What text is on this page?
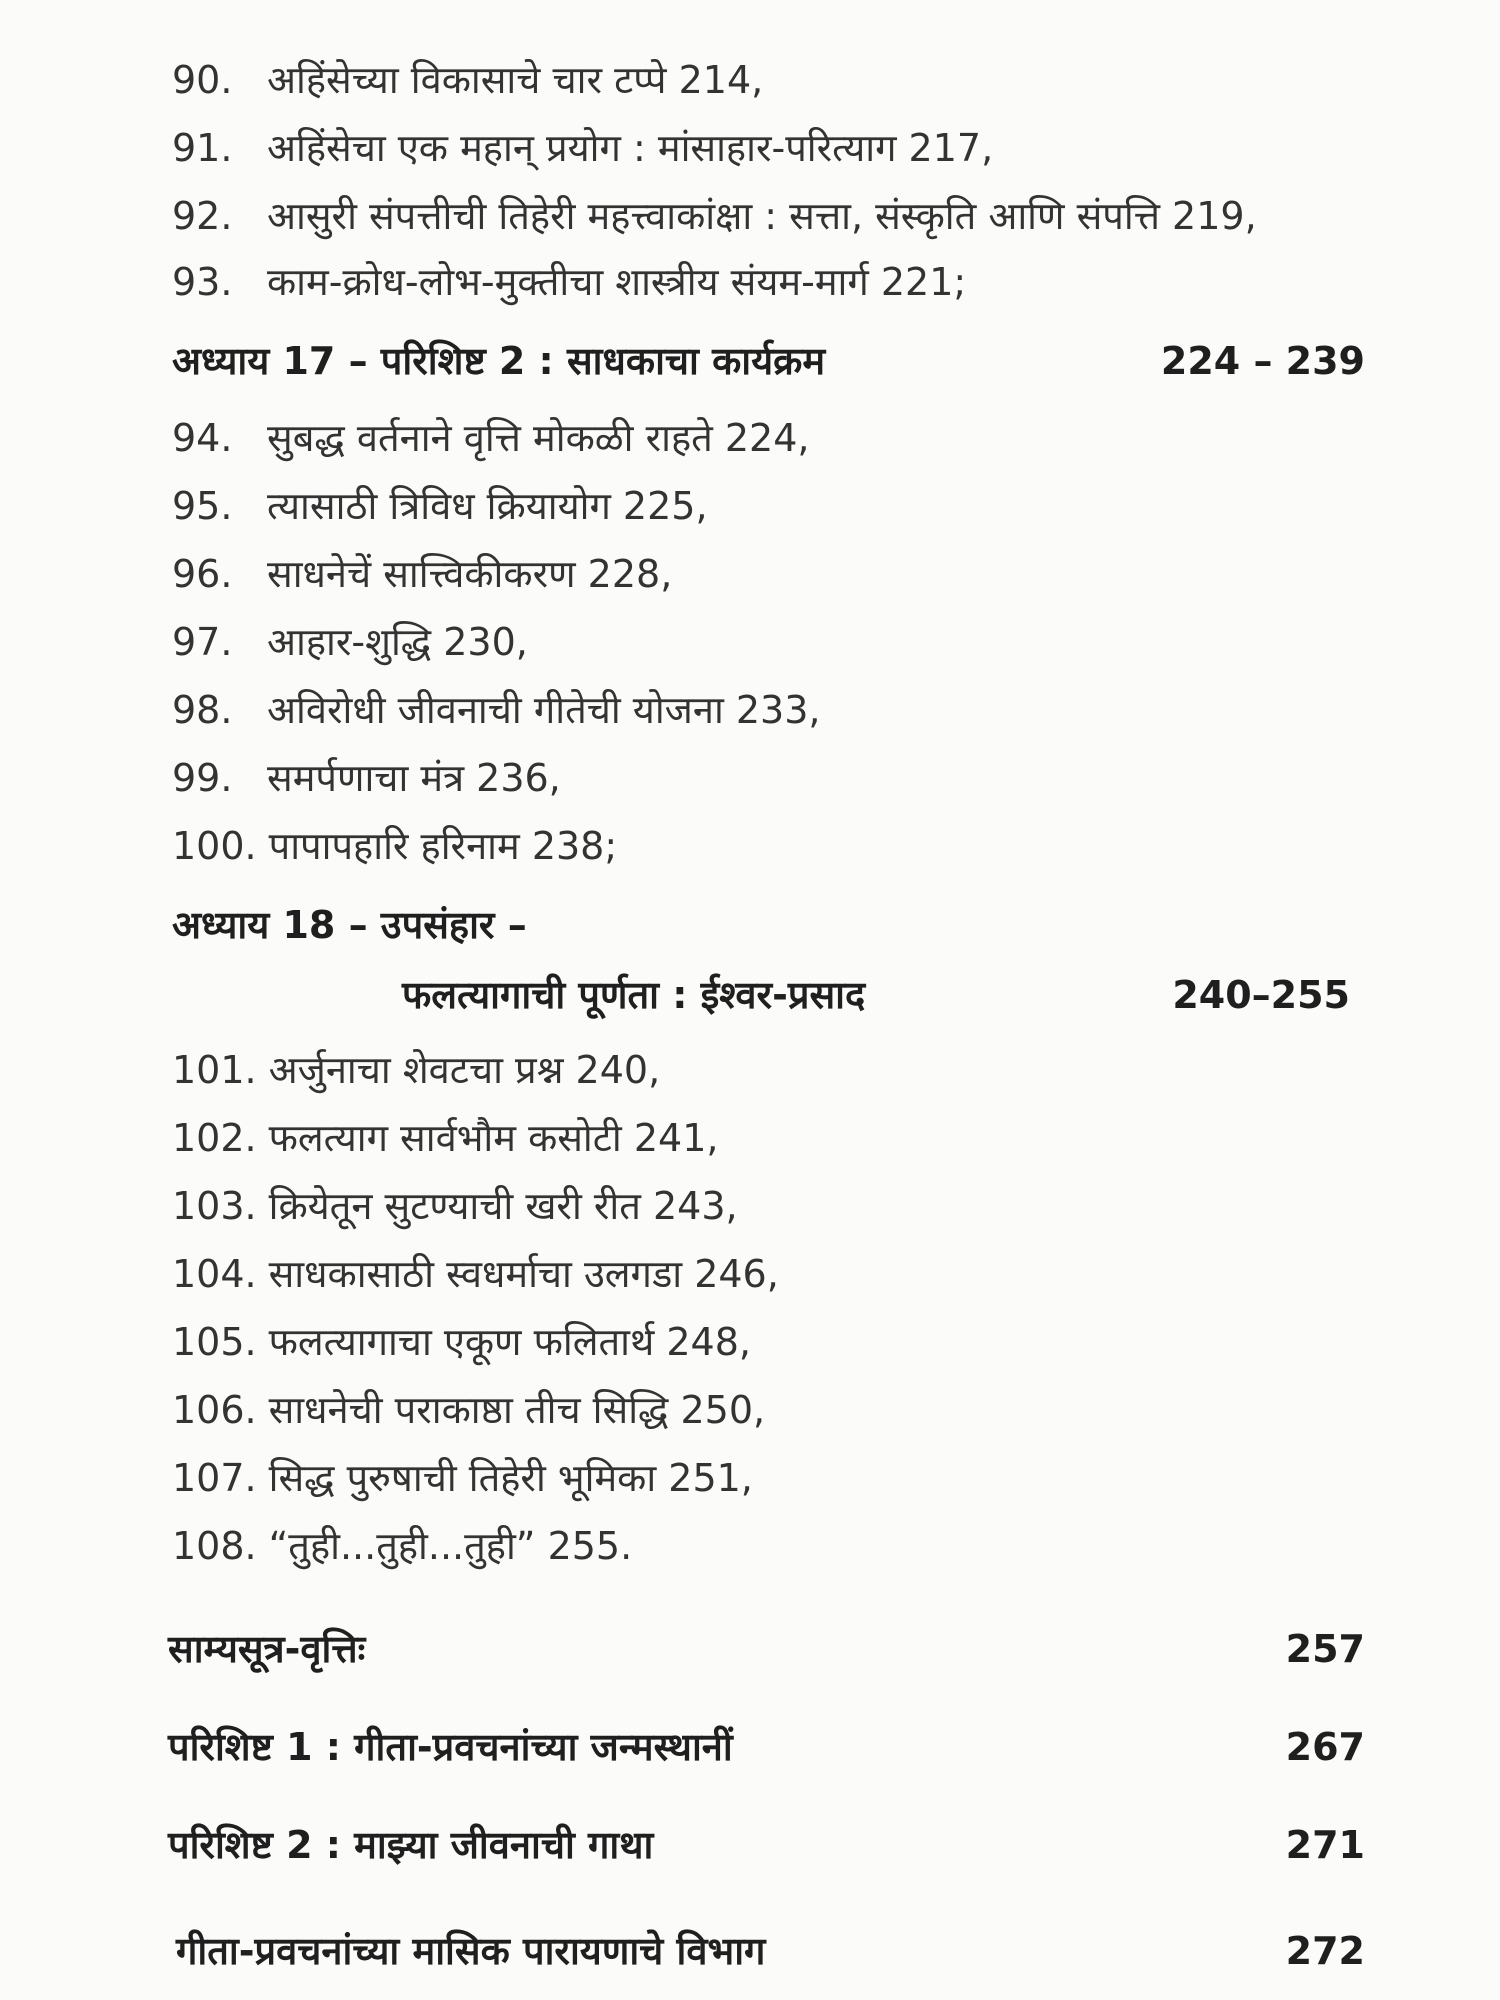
90. अहिंसेच्या विकासाचे चार टप्पे 214,
91. अहिंसेचा एक महान् प्रयोग : मांसाहार-परित्याग 217,
92. आसुरी संपत्तीची तिहेरी महत्त्वाकांक्षा : सत्ता, संस्कृति आणि संपत्ति 219,
93. काम-क्रोध-लोभ-मुक्तीचा शास्त्रीय संयम-मार्ग 221;
अध्याय 17 – परिशिष्ट 2 : साधकाचा कार्यक्रम	224 – 239
94. सुबद्ध वर्तनाने वृत्ति मोकळी राहते 224,
95. त्यासाठी त्रिविध क्रियायोग 225,
96. साधनेचें सात्त्विकीकरण 228,
97. आहार-शुद्धि 230,
98. अविरोधी जीवनाची गीतेची योजना 233,
99. समर्पणाचा मंत्र 236,
100. पापापहारि हरिनाम 238;
अध्याय 18 – उपसंहार –
फलत्यागाची पूर्णता : ईश्वर-प्रसाद	240–255
101. अर्जुनाचा शेवटचा प्रश्न 240,
102. फलत्याग सार्वभौम कसोटी 241,
103. क्रियेतून सुटण्याची खरी रीत 243,
104. साधकासाठी स्वधर्माचा उलगडा 246,
105. फलत्यागाचा एकूण फलितार्थ 248,
106. साधनेची पराकाष्ठा तीच सिद्धि 250,
107. सिद्ध पुरुषाची तिहेरी भूमिका 251,
108. “तुही...तुही...तुही” 255.
साम्यसूत्र-वृत्तिः	257
परिशिष्ट 1 : गीता-प्रवचनांच्या जन्मस्थानीं	267
परिशिष्ट 2 : माझ्या जीवनाची गाथा	271
गीता-प्रवचनांच्या मासिक पारायणाचे विभाग	272
